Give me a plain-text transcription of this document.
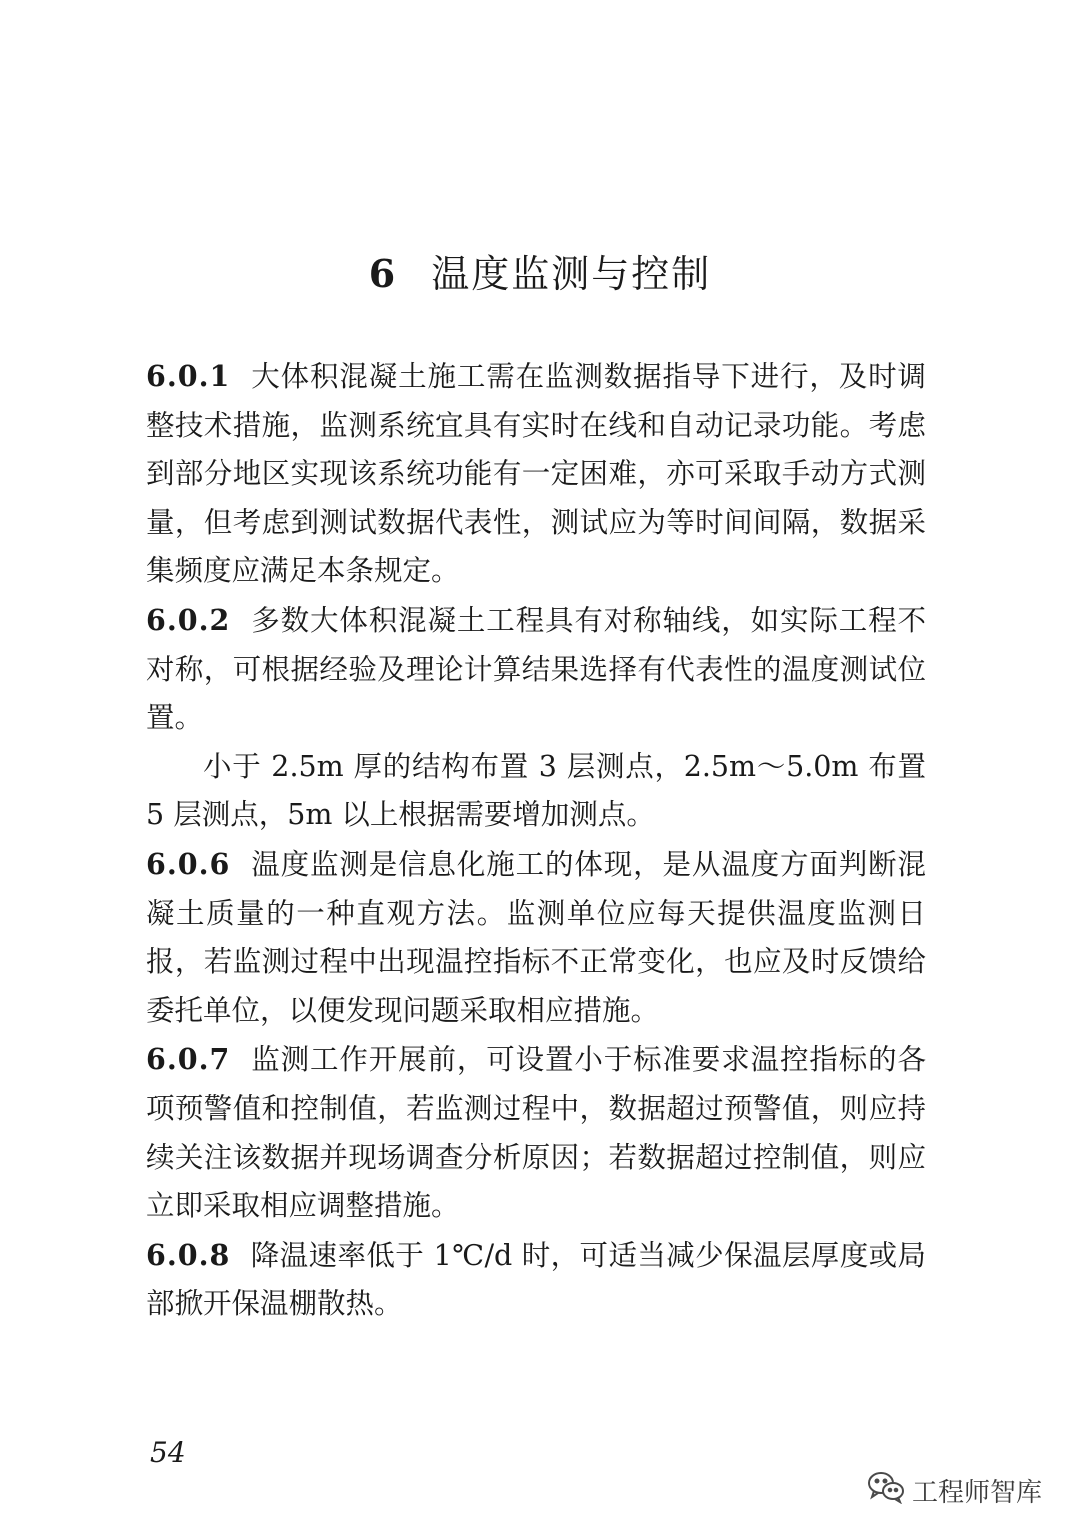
6 温度监测与控制

6.0.1 大体积混凝土施工需在监测数据指导下进行，及时调整技术措施，监测系统宜具有实时在线和自动记录功能。考虑到部分地区实现该系统功能有一定困难，亦可采取手动方式测量，但考虑到测试数据代表性，测试应为等时间间隔，数据采集频度应满足本条规定。

6.0.2 多数大体积混凝土工程具有对称轴线，如实际工程不对称，可根据经验及理论计算结果选择有代表性的温度测试位置。

小于 2.5m 厚的结构布置 3 层测点，2.5m～5.0m 布置 5 层测点，5m 以上根据需要增加测点。

6.0.6 温度监测是信息化施工的体现，是从温度方面判断混凝土质量的一种直观方法。监测单位应每天提供温度监测日报，若监测过程中出现温控指标不正常变化，也应及时反馈给委托单位，以便发现问题采取相应措施。

6.0.7 监测工作开展前，可设置小于标准要求温控指标的各项预警值和控制值，若监测过程中，数据超过预警值，则应持续关注该数据并现场调查分析原因；若数据超过控制值，则应立即采取相应调整措施。

6.0.8 降温速率低于 1℃/d 时，可适当减少保温层厚度或局部掀开保温棚散热。

54
工程师智库
